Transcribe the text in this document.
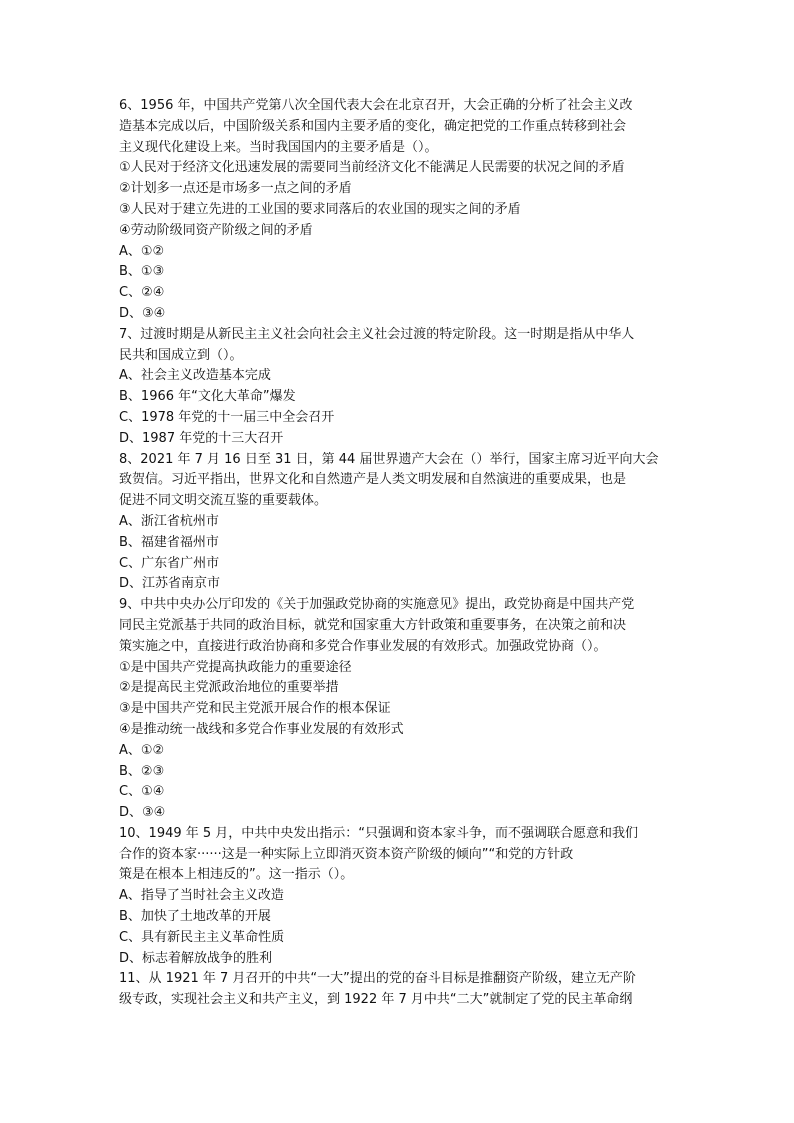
6、1956 年，中国共产党第八次全国代表大会在北京召开，大会正确的分析了社会主义改
造基本完成以后，中国阶级关系和国内主要矛盾的变化，确定把党的工作重点转移到社会
主义现代化建设上来。当时我国国内的主要矛盾是（）。
①人民对于经济文化迅速发展的需要同当前经济文化不能满足人民需要的状况之间的矛盾
②计划多一点还是市场多一点之间的矛盾
③人民对于建立先进的工业国的要求同落后的农业国的现实之间的矛盾
④劳动阶级同资产阶级之间的矛盾
A、①②
B、①③
C、②④
D、③④
7、过渡时期是从新民主主义社会向社会主义社会过渡的特定阶段。这一时期是指从中华人
民共和国成立到（）。
A、社会主义改造基本完成
B、1966 年“文化大革命”爆发
C、1978 年党的十一届三中全会召开
D、1987 年党的十三大召开
8、2021 年 7 月 16 日至 31 日，第 44 届世界遗产大会在（）举行，国家主席习近平向大会
致贺信。习近平指出，世界文化和自然遗产是人类文明发展和自然演进的重要成果，也是
促进不同文明交流互鉴的重要载体。
A、浙江省杭州市
B、福建省福州市
C、广东省广州市
D、江苏省南京市
9、中共中央办公厅印发的《关于加强政党协商的实施意见》提出，政党协商是中国共产党
同民主党派基于共同的政治目标，就党和国家重大方针政策和重要事务，在决策之前和决
策实施之中，直接进行政治协商和多党合作事业发展的有效形式。加强政党协商（）。
①是中国共产党提高执政能力的重要途径
②是提高民主党派政治地位的重要举措
③是中国共产党和民主党派开展合作的根本保证
④是推动统一战线和多党合作事业发展的有效形式
A、①②
B、②③
C、①④
D、③④
10、1949 年 5 月，中共中央发出指示：“只强调和资本家斗争，而不强调联合愿意和我们
合作的资本家······这是一种实际上立即消灭资本资产阶级的倾向”“和党的方针政
策是在根本上相违反的”。这一指示（）。
A、指导了当时社会主义改造
B、加快了土地改革的开展
C、具有新民主主义革命性质
D、标志着解放战争的胜利
11、从 1921 年 7 月召开的中共“一大”提出的党的奋斗目标是推翻资产阶级，建立无产阶
级专政，实现社会主义和共产主义，到 1922 年 7 月中共“二大”就制定了党的民主革命纲
